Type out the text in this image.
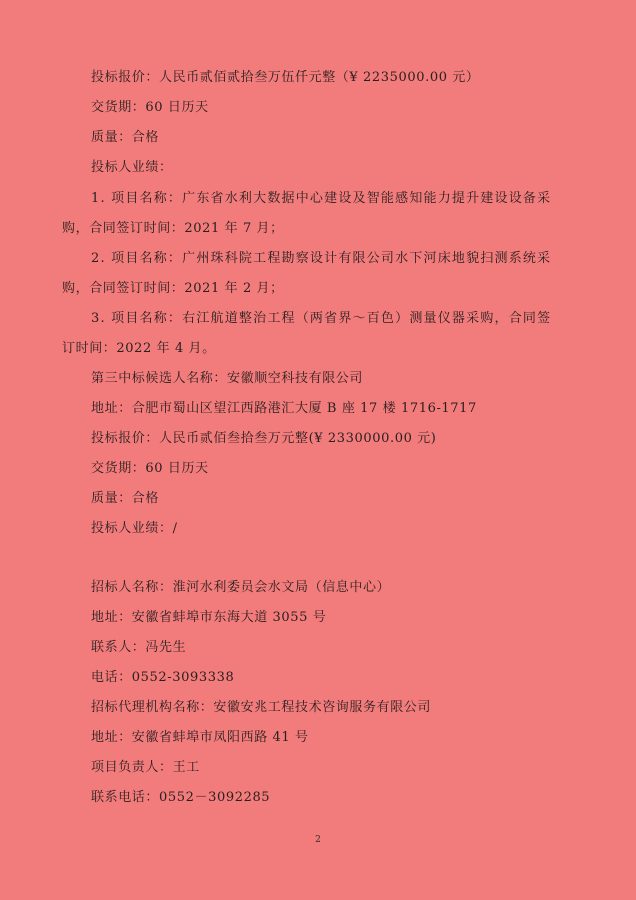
投标报价：人民币贰佰贰拾叁万伍仟元整（¥ 2235000.00 元）
交货期：60 日历天
质量：合格
投标人业绩：
1. 项目名称：广东省水利大数据中心建设及智能感知能力提升建设设备采
购，合同签订时间：2021 年 7 月；
2. 项目名称：广州珠科院工程勘察设计有限公司水下河床地貌扫测系统采
购，合同签订时间：2021 年 2 月；
3. 项目名称：右江航道整治工程（两省界～百色）测量仪器采购，合同签
订时间：2022 年 4 月。
第三中标候选人名称：安徽顺空科技有限公司
地址：合肥市蜀山区望江西路港汇大厦 B 座 17 楼 1716-1717
投标报价：人民币贰佰叁拾叁万元整(¥ 2330000.00 元)
交货期：60 日历天
质量：合格
投标人业绩：/
招标人名称：淮河水利委员会水文局（信息中心）
地址：安徽省蚌埠市东海大道 3055 号
联系人：冯先生
电话：0552-3093338
招标代理机构名称：安徽安兆工程技术咨询服务有限公司
地址：安徽省蚌埠市凤阳西路 41 号
项目负责人：王工
联系电话：0552－3092285
2
